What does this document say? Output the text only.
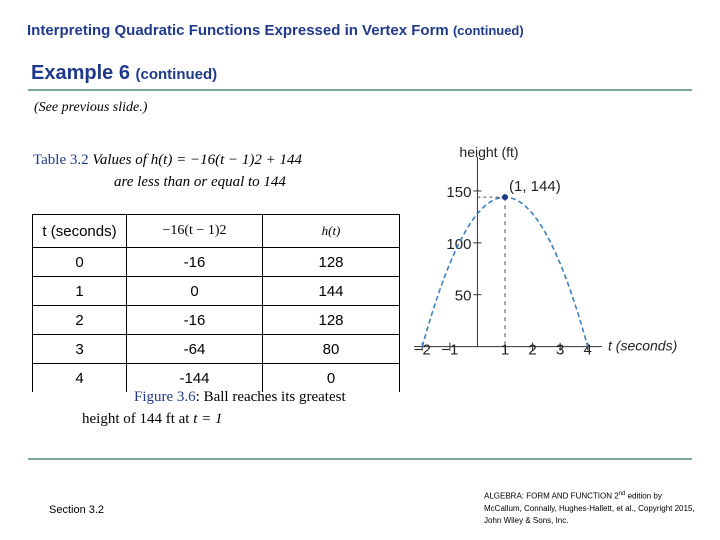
Interpreting Quadratic Functions Expressed in Vertex Form (continued)
Example 6 (continued)
(See previous slide.)
Table 3.2 Values of h(t) = −16(t − 1)2 + 144
are less than or equal to 144
t (seconds)	−16(t − 1)2	h(t)
0	-16	128
1	0	144
2	-16	128
3	-64	80
4	-144	0
Figure 3.6: Ball reaches its greatest
height of 144 ft at t = 1
50
100
150
−2 −1	1 2 3 4
(1, 144)
height (ft)
t (seconds)
Section 3.2
ALGEBRA: FORM AND FUNCTION 2nd edition by McCallum, Connally, Hughes-Hallett, et al., Copyright 2015, John Wiley & Sons, Inc.
